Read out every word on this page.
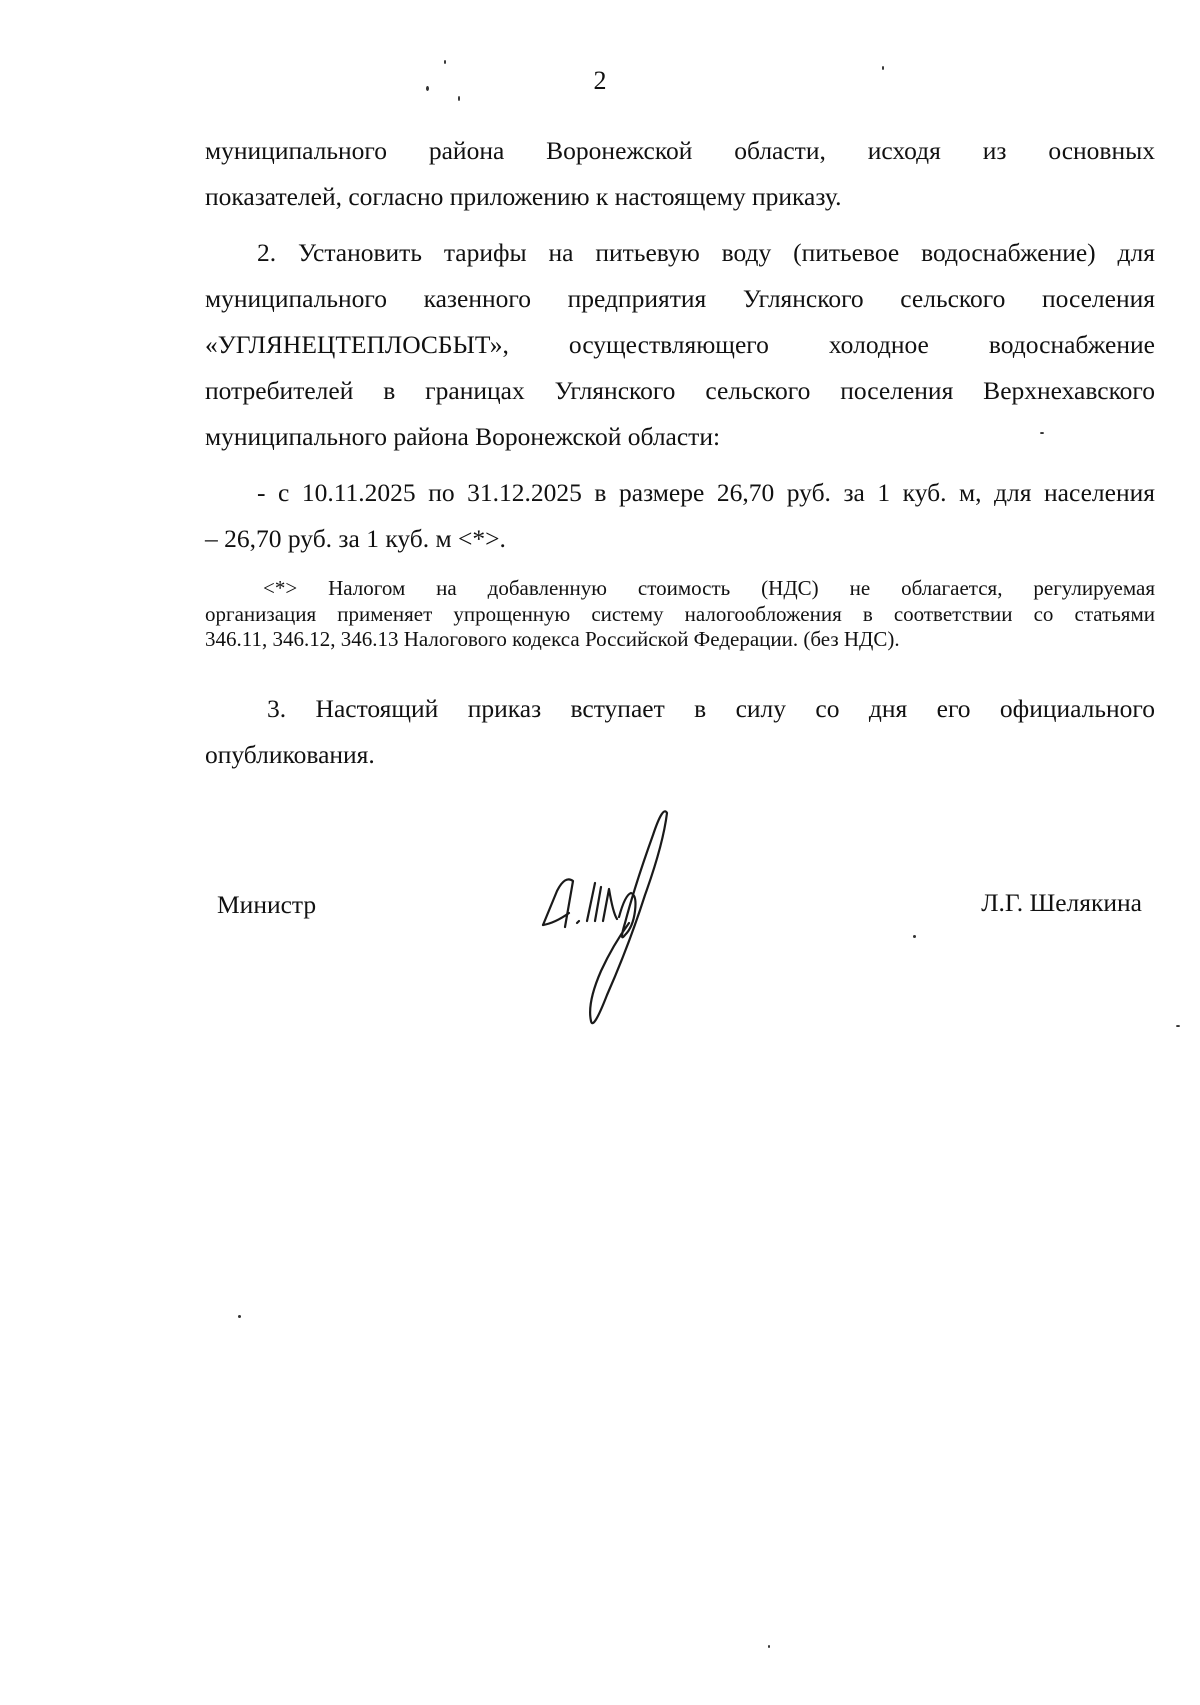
2
муниципального района Воронежской области, исходя из основных
показателей, согласно приложению к настоящему приказу.
2. Установить тарифы на питьевую воду (питьевое водоснабжение) для
муниципального казенного предприятия Углянского сельского поселения
«УГЛЯНЕЦТЕПЛОСБЫТ», осуществляющего холодное водоснабжение
потребителей в границах Углянского сельского поселения Верхнехавского
муниципального района Воронежской области:
- с 10.11.2025 по 31.12.2025 в размере 26,70 руб. за 1 куб. м, для населения
– 26,70 руб. за 1 куб. м <*>.
<*> Налогом на добавленную стоимость (НДС) не облагается, регулируемая
организация применяет упрощенную систему налогообложения в соответствии со статьями
346.11, 346.12, 346.13 Налогового кодекса Российской Федерации. (без НДС).
3. Настоящий приказ вступает в силу со дня его официального
опубликования.
Министр	Л.Г. Шелякина
